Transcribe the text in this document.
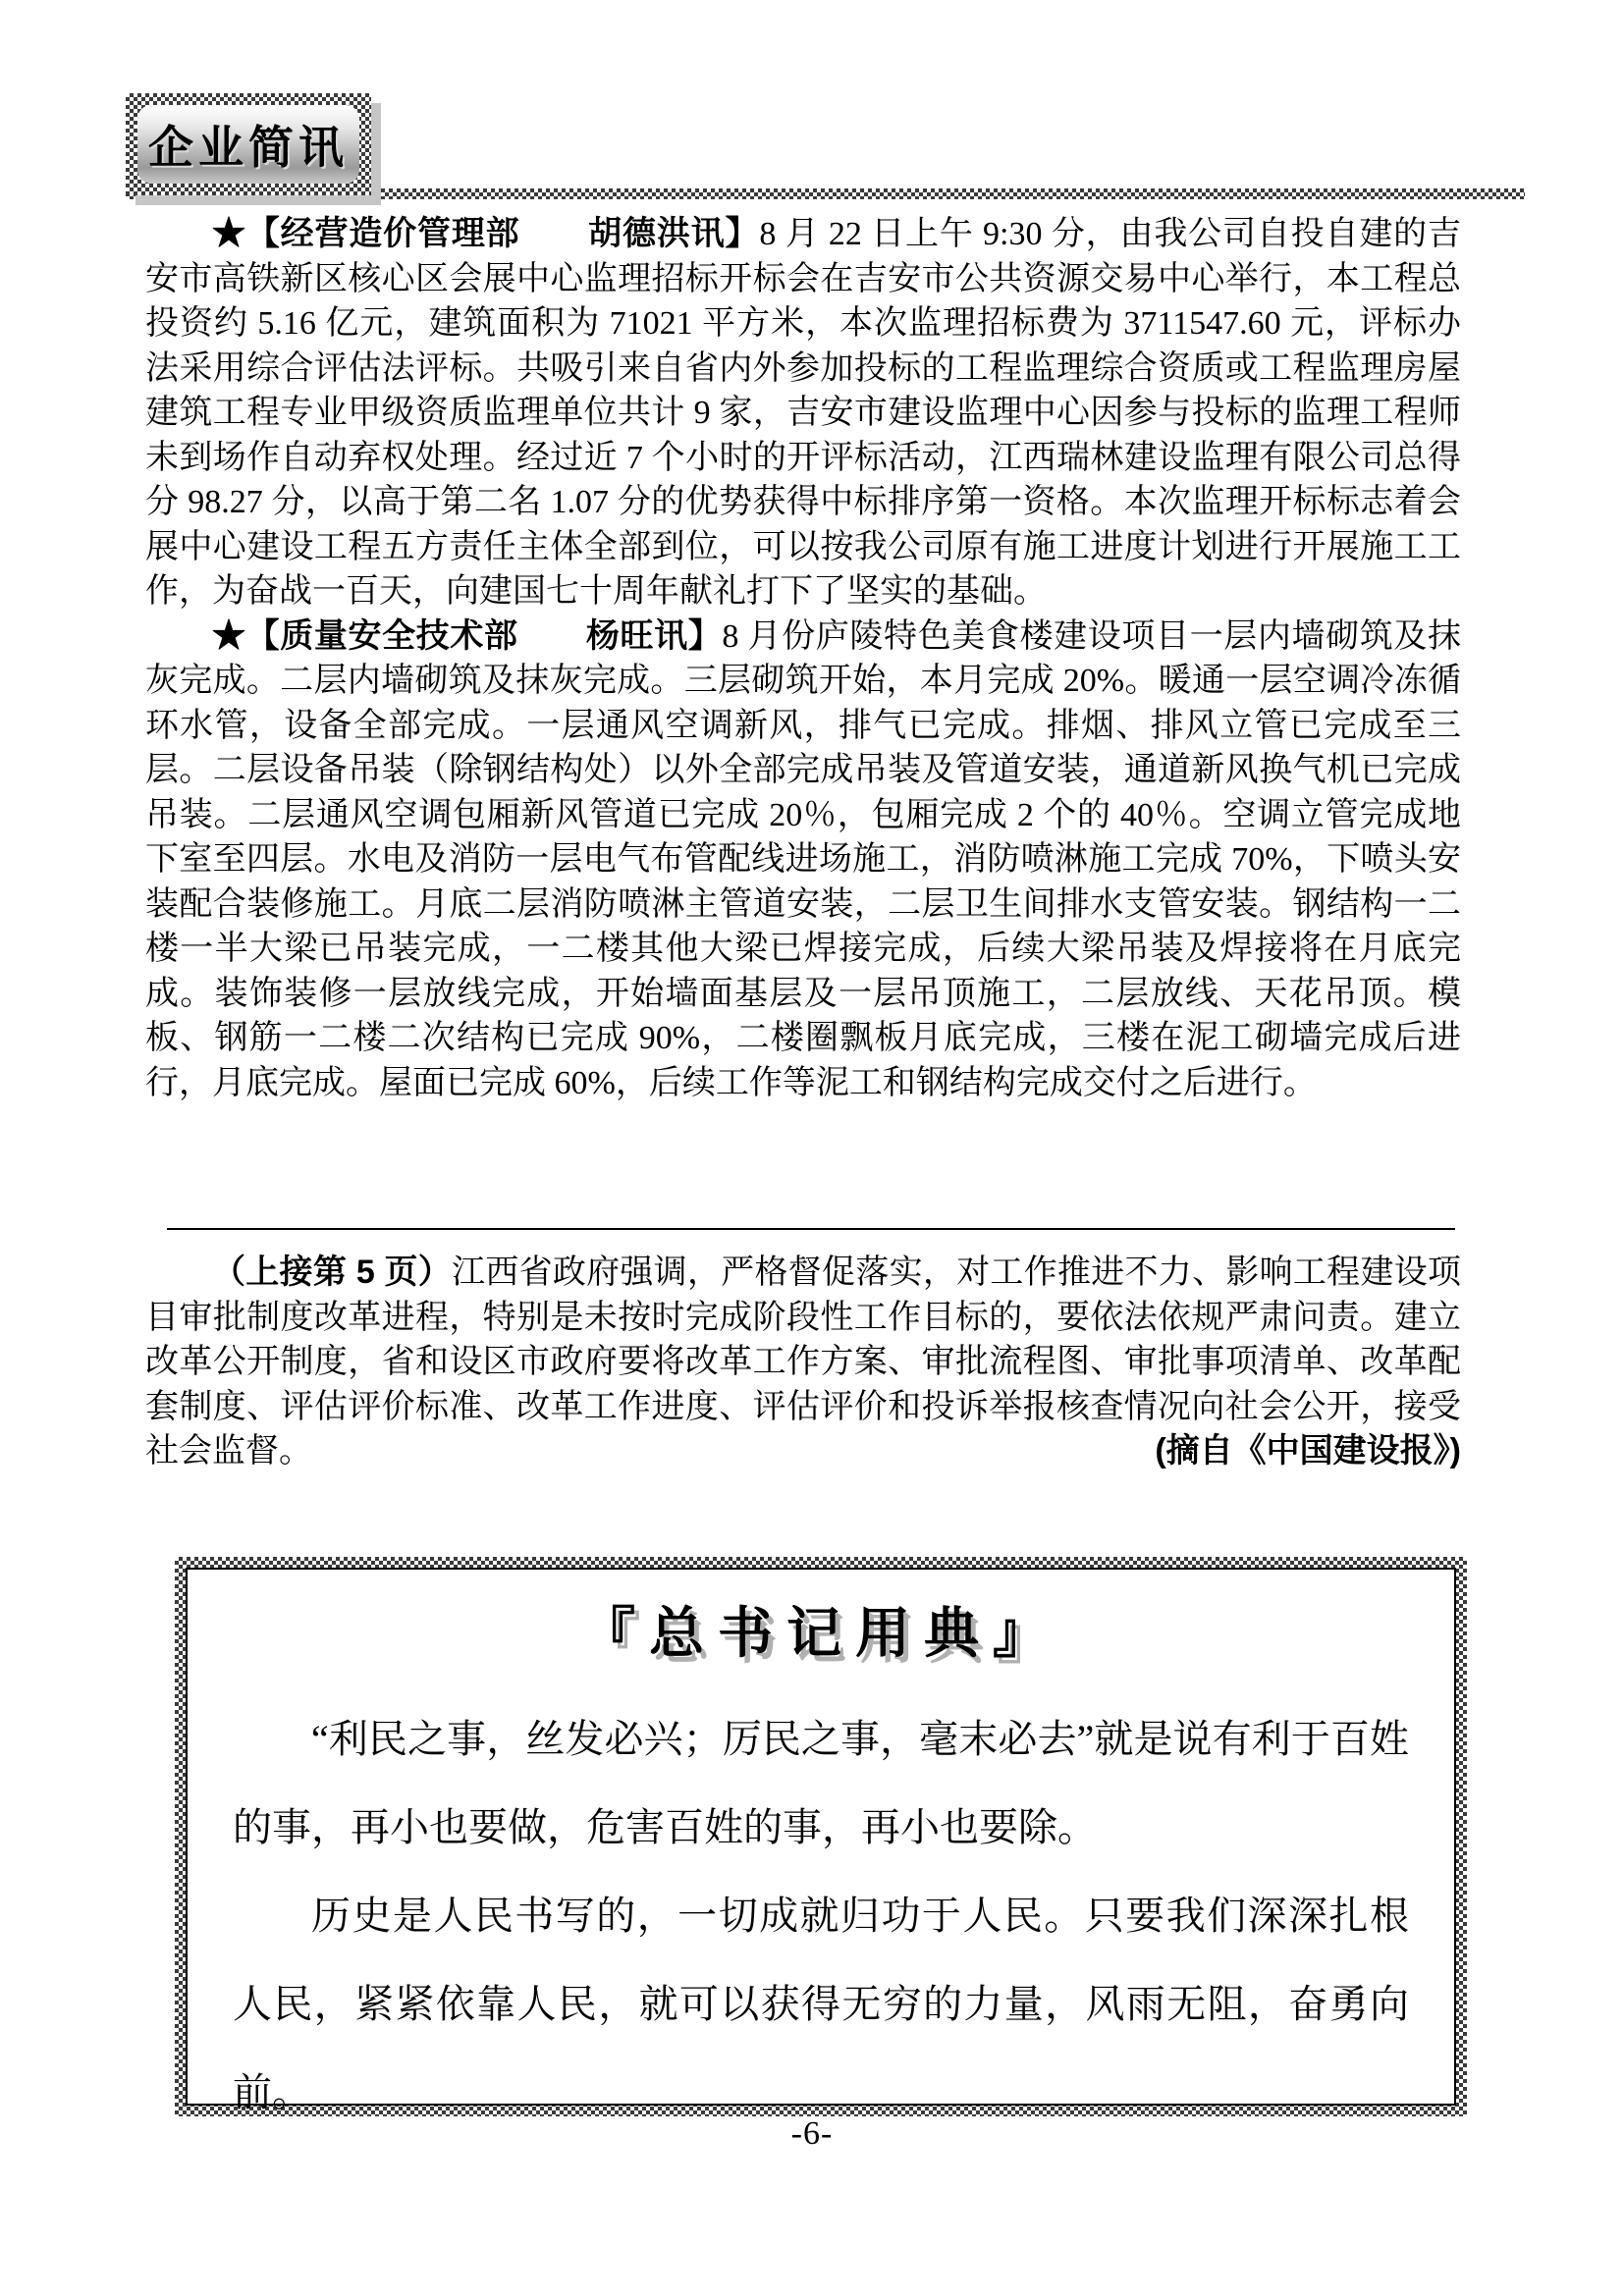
企业简讯

★【经营造价管理部　　胡德洪讯】8 月 22 日上午 9:30 分，由我公司自投自建的吉安市高铁新区核心区会展中心监理招标开标会在吉安市公共资源交易中心举行，本工程总投资约 5.16 亿元，建筑面积为 71021 平方米，本次监理招标费为 3711547.60 元，评标办法采用综合评估法评标。共吸引来自省内外参加投标的工程监理综合资质或工程监理房屋建筑工程专业甲级资质监理单位共计 9 家，吉安市建设监理中心因参与投标的监理工程师未到场作自动弃权处理。经过近 7 个小时的开评标活动，江西瑞林建设监理有限公司总得分 98.27 分，以高于第二名 1.07 分的优势获得中标排序第一资格。本次监理开标标志着会展中心建设工程五方责任主体全部到位，可以按我公司原有施工进度计划进行开展施工工作，为奋战一百天，向建国七十周年献礼打下了坚实的基础。

★【质量安全技术部　　杨旺讯】8 月份庐陵特色美食楼建设项目一层内墙砌筑及抹灰完成。二层内墙砌筑及抹灰完成。三层砌筑开始，本月完成 20%。暖通一层空调冷冻循环水管，设备全部完成。一层通风空调新风，排气已完成。排烟、排风立管已完成至三层。二层设备吊装（除钢结构处）以外全部完成吊装及管道安装，通道新风换气机已完成吊装。二层通风空调包厢新风管道已完成 20％，包厢完成 2 个的 40％。空调立管完成地下室至四层。水电及消防一层电气布管配线进场施工，消防喷淋施工完成 70%，下喷头安装配合装修施工。月底二层消防喷淋主管道安装，二层卫生间排水支管安装。钢结构一二楼一半大梁已吊装完成，一二楼其他大梁已焊接完成，后续大梁吊装及焊接将在月底完成。装饰装修一层放线完成，开始墙面基层及一层吊顶施工，二层放线、天花吊顶。模板、钢筋一二楼二次结构已完成 90%，二楼圈飘板月底完成，三楼在泥工砌墙完成后进行，月底完成。屋面已完成 60%，后续工作等泥工和钢结构完成交付之后进行。

（上接第 5 页）江西省政府强调，严格督促落实，对工作推进不力、影响工程建设项目审批制度改革进程，特别是未按时完成阶段性工作目标的，要依法依规严肃问责。建立改革公开制度，省和设区市政府要将改革工作方案、审批流程图、审批事项清单、改革配套制度、评估评价标准、改革工作进度、评估评价和投诉举报核查情况向社会公开，接受社会监督。	(摘自《中国建设报》)

『总书记用典』

“利民之事，丝发必兴；厉民之事，毫末必去”就是说有利于百姓的事，再小也要做，危害百姓的事，再小也要除。

历史是人民书写的，一切成就归功于人民。只要我们深深扎根人民，紧紧依靠人民，就可以获得无穷的力量，风雨无阻，奋勇向前。

-6-
